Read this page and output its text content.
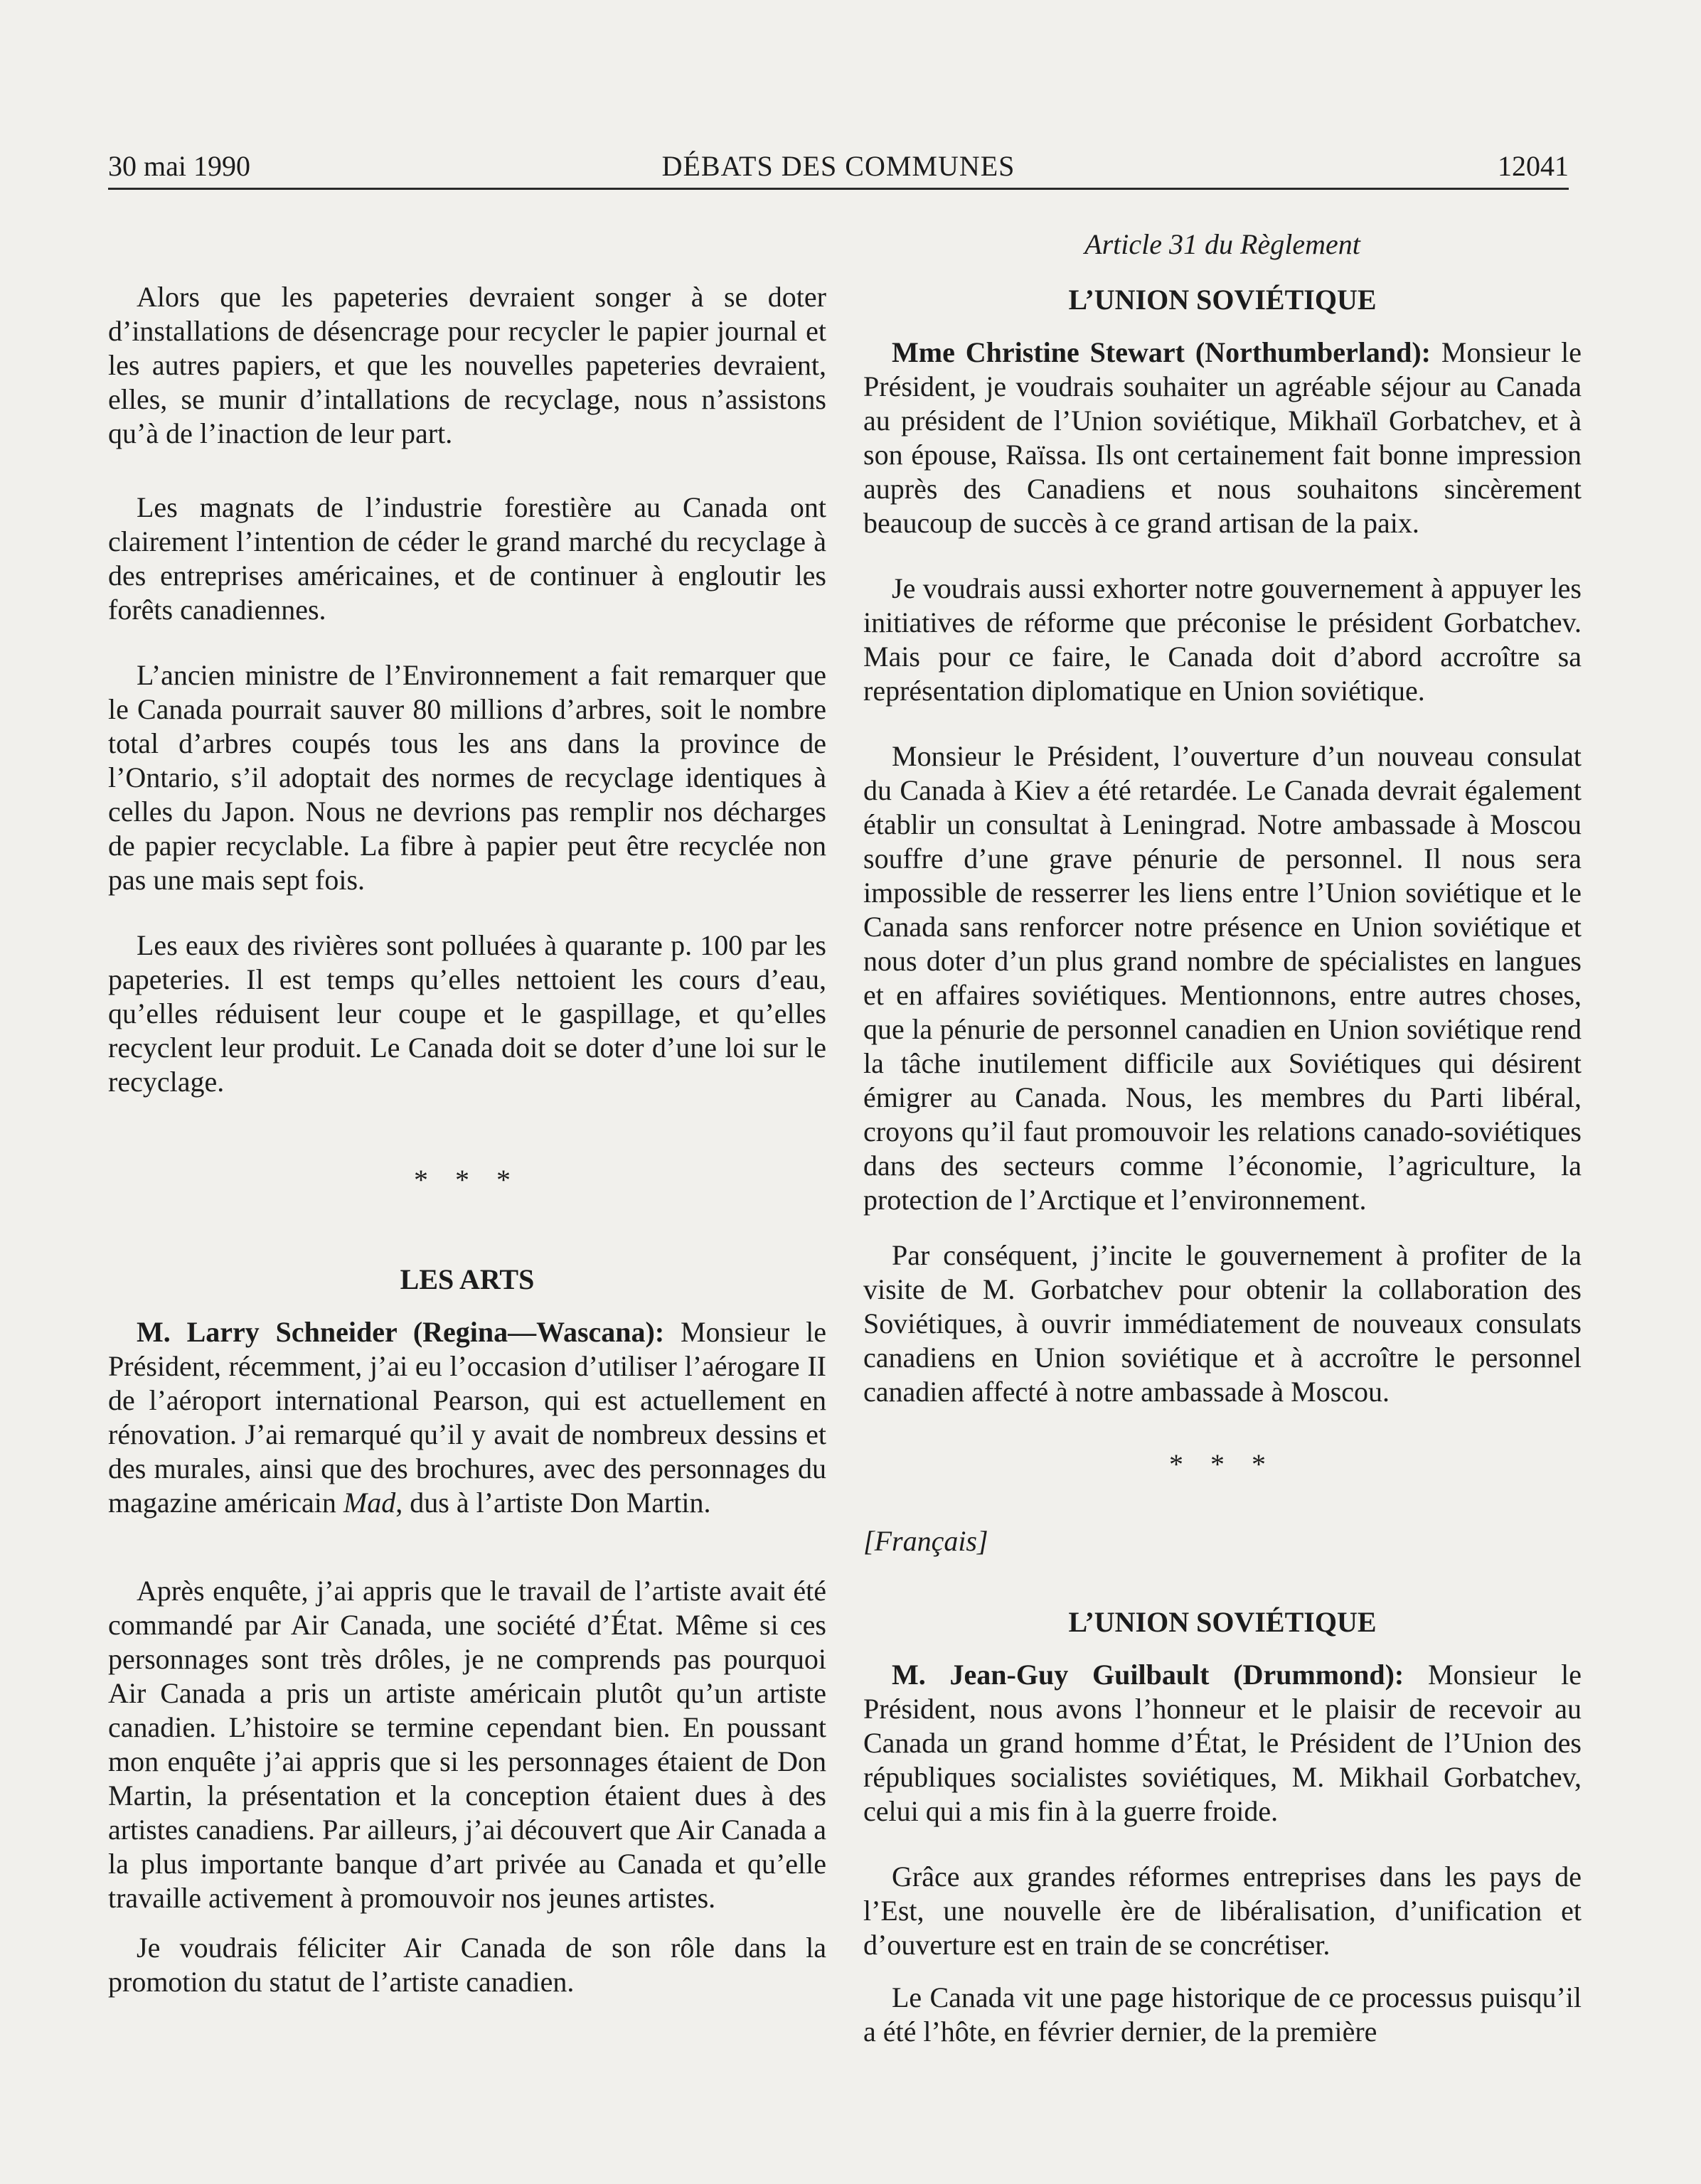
30 mai 1990	DÉBATS DES COMMUNES	12041

Alors que les papeteries devraient songer à se doter d’installations de désencrage pour recycler le papier journal et les autres papiers, et que les nouvelles papeteries devraient, elles, se munir d’intallations de recyclage, nous n’assistons qu’à de l’inaction de leur part.

Les magnats de l’industrie forestière au Canada ont clairement l’intention de céder le grand marché du recyclage à des entreprises américaines, et de continuer à engloutir les forêts canadiennes.

L’ancien ministre de l’Environnement a fait remarquer que le Canada pourrait sauver 80 millions d’arbres, soit le nombre total d’arbres coupés tous les ans dans la province de l’Ontario, s’il adoptait des normes de recyclage identiques à celles du Japon. Nous ne devrions pas remplir nos décharges de papier recyclable. La fibre à papier peut être recyclée non pas une mais sept fois.

Les eaux des rivières sont polluées à quarante p. 100 par les papeteries. Il est temps qu’elles nettoient les cours d’eau, qu’elles réduisent leur coupe et le gaspillage, et qu’elles recyclent leur produit. Le Canada doit se doter d’une loi sur le recyclage.

* * *

LES ARTS

M. Larry Schneider (Regina—Wascana): Monsieur le Président, récemment, j’ai eu l’occasion d’utiliser l’aérogare II de l’aéroport international Pearson, qui est actuellement en rénovation. J’ai remarqué qu’il y avait de nombreux dessins et des murales, ainsi que des brochures, avec des personnages du magazine américain Mad, dus à l’artiste Don Martin.

Après enquête, j’ai appris que le travail de l’artiste avait été commandé par Air Canada, une société d’État. Même si ces personnages sont très drôles, je ne comprends pas pourquoi Air Canada a pris un artiste américain plutôt qu’un artiste canadien. L’histoire se termine cependant bien. En poussant mon enquête j’ai appris que si les personnages étaient de Don Martin, la présentation et la conception étaient dues à des artistes canadiens. Par ailleurs, j’ai découvert que Air Canada a la plus importante banque d’art privée au Canada et qu’elle travaille activement à promouvoir nos jeunes artistes.

Je voudrais féliciter Air Canada de son rôle dans la promotion du statut de l’artiste canadien.

Article 31 du Règlement

L’UNION SOVIÉTIQUE

Mme Christine Stewart (Northumberland): Monsieur le Président, je voudrais souhaiter un agréable séjour au Canada au président de l’Union soviétique, Mikhaïl Gorbatchev, et à son épouse, Raïssa. Ils ont certainement fait bonne impression auprès des Canadiens et nous souhaitons sincèrement beaucoup de succès à ce grand artisan de la paix.

Je voudrais aussi exhorter notre gouvernement à appuyer les initiatives de réforme que préconise le président Gorbatchev. Mais pour ce faire, le Canada doit d’abord accroître sa représentation diplomatique en Union soviétique.

Monsieur le Président, l’ouverture d’un nouveau consulat du Canada à Kiev a été retardée. Le Canada devrait également établir un consultat à Leningrad. Notre ambassade à Moscou souffre d’une grave pénurie de personnel. Il nous sera impossible de resserrer les liens entre l’Union soviétique et le Canada sans renforcer notre présence en Union soviétique et nous doter d’un plus grand nombre de spécialistes en langues et en affaires soviétiques. Mentionnons, entre autres choses, que la pénurie de personnel canadien en Union soviétique rend la tâche inutilement difficile aux Soviétiques qui désirent émigrer au Canada. Nous, les membres du Parti libéral, croyons qu’il faut promouvoir les relations canado-soviétiques dans des secteurs comme l’économie, l’agriculture, la protection de l’Arctique et l’environnement.

Par conséquent, j’incite le gouvernement à profiter de la visite de M. Gorbatchev pour obtenir la collaboration des Soviétiques, à ouvrir immédiatement de nouveaux consulats canadiens en Union soviétique et à accroître le personnel canadien affecté à notre ambassade à Moscou.

* * *

[Français]

L’UNION SOVIÉTIQUE

M. Jean-Guy Guilbault (Drummond): Monsieur le Président, nous avons l’honneur et le plaisir de recevoir au Canada un grand homme d’État, le Président de l’Union des républiques socialistes soviétiques, M. Mikhail Gorbatchev, celui qui a mis fin à la guerre froide.

Grâce aux grandes réformes entreprises dans les pays de l’Est, une nouvelle ère de libéralisation, d’unification et d’ouverture est en train de se concrétiser.

Le Canada vit une page historique de ce processus puisqu’il a été l’hôte, en février dernier, de la première
